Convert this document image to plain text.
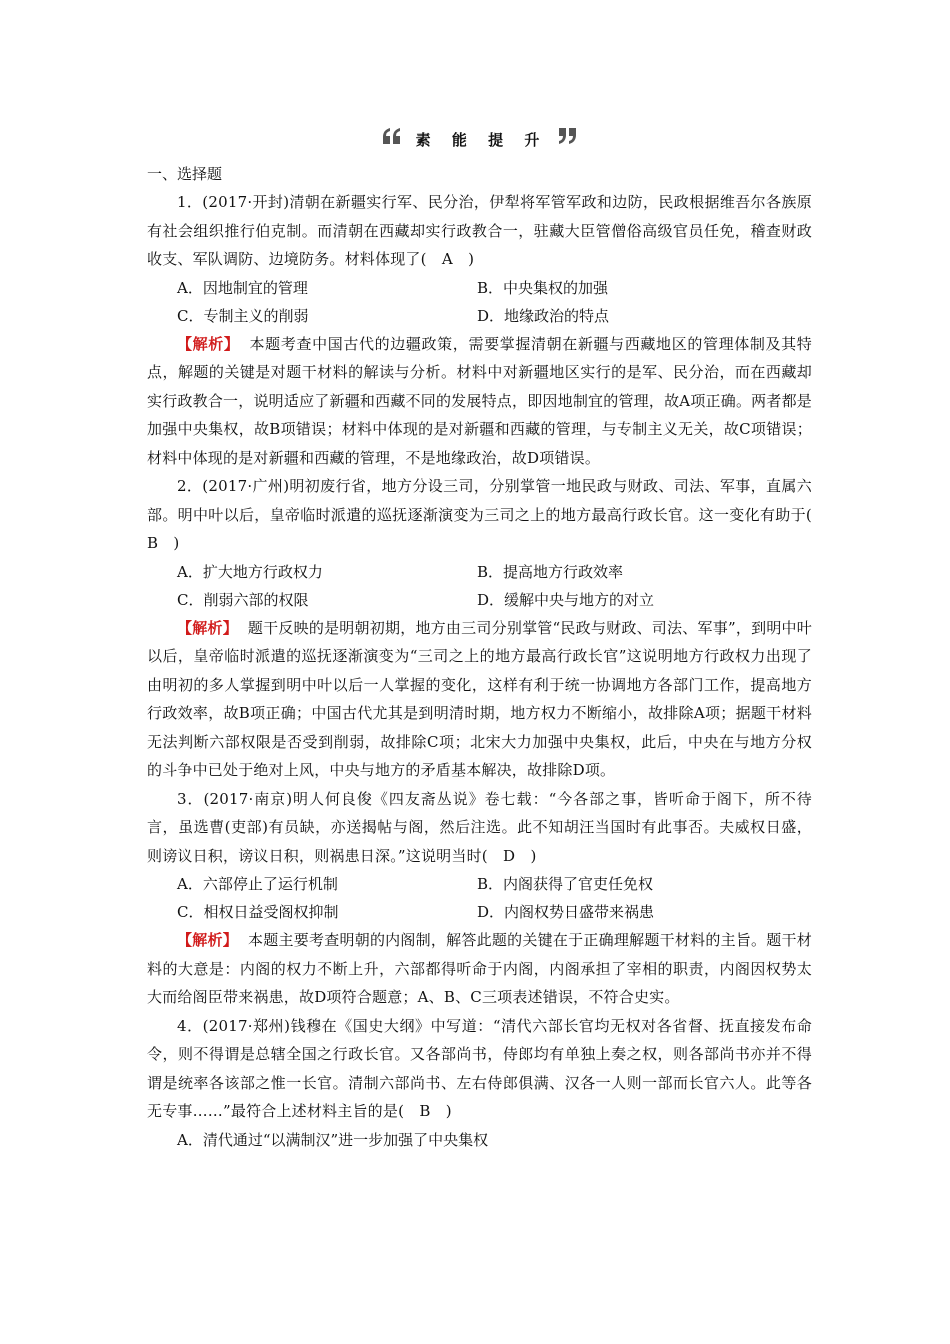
素 能 提 升
一、选择题

1．(2017·开封)清朝在新疆实行军、民分治，伊犁将军管军政和边防，民政根据维吾尔各族原有社会组织推行伯克制。而清朝在西藏却实行政教合一，驻藏大臣管僧俗高级官员任免，稽查财政收支、军队调防、边境防务。材料体现了(　A　)

A．因地制宜的管理	B．中央集权的加强
C．专制主义的削弱	D．地缘政治的特点

【解析】 本题考查中国古代的边疆政策，需要掌握清朝在新疆与西藏地区的管理体制及其特点，解题的关键是对题干材料的解读与分析。材料中对新疆地区实行的是军、民分治，而在西藏却实行政教合一，说明适应了新疆和西藏不同的发展特点，即因地制宜的管理，故A项正确。两者都是加强中央集权，故B项错误；材料中体现的是对新疆和西藏的管理，与专制主义无关，故C项错误；材料中体现的是对新疆和西藏的管理，不是地缘政治，故D项错误。

2．(2017·广州)明初废行省，地方分设三司，分别掌管一地民政与财政、司法、军事，直属六部。明中叶以后，皇帝临时派遣的巡抚逐渐演变为三司之上的地方最高行政长官。这一变化有助于(　B　)

A．扩大地方行政权力	B．提高地方行政效率
C．削弱六部的权限	D．缓解中央与地方的对立

【解析】 题干反映的是明朝初期，地方由三司分别掌管“民政与财政、司法、军事”，到明中叶以后，皇帝临时派遣的巡抚逐渐演变为“三司之上的地方最高行政长官”这说明地方行政权力出现了由明初的多人掌握到明中叶以后一人掌握的变化，这样有利于统一协调地方各部门工作，提高地方行政效率，故B项正确；中国古代尤其是到明清时期，地方权力不断缩小，故排除A项；据题干材料无法判断六部权限是否受到削弱，故排除C项；北宋大力加强中央集权，此后，中央在与地方分权的斗争中已处于绝对上风，中央与地方的矛盾基本解决，故排除D项。

3．(2017·南京)明人何良俊《四友斋丛说》卷七载：“今各部之事，皆听命于阁下，所不待言，虽选曹(吏部)有员缺，亦送揭帖与阁，然后注选。此不知胡汪当国时有此事否。夫威权日盛，则谤议日积，谤议日积，则祸患日深。”这说明当时(　D　)

A．六部停止了运行机制	B．内阁获得了官吏任免权
C．相权日益受阁权抑制	D．内阁权势日盛带来祸患

【解析】 本题主要考查明朝的内阁制，解答此题的关键在于正确理解题干材料的主旨。题干材料的大意是：内阁的权力不断上升，六部都得听命于内阁，内阁承担了宰相的职责，内阁因权势太大而给阁臣带来祸患，故D项符合题意；A、B、C三项表述错误，不符合史实。

4．(2017·郑州)钱穆在《国史大纲》中写道：“清代六部长官均无权对各省督、抚直接发布命令，则不得谓是总辖全国之行政长官。又各部尚书，侍郎均有单独上奏之权，则各部尚书亦并不得谓是统率各该部之惟一长官。清制六部尚书、左右侍郎俱满、汉各一人则一部而长官六人。此等各无专事……”最符合上述材料主旨的是(　B　)

A．清代通过“以满制汉”进一步加强了中央集权
